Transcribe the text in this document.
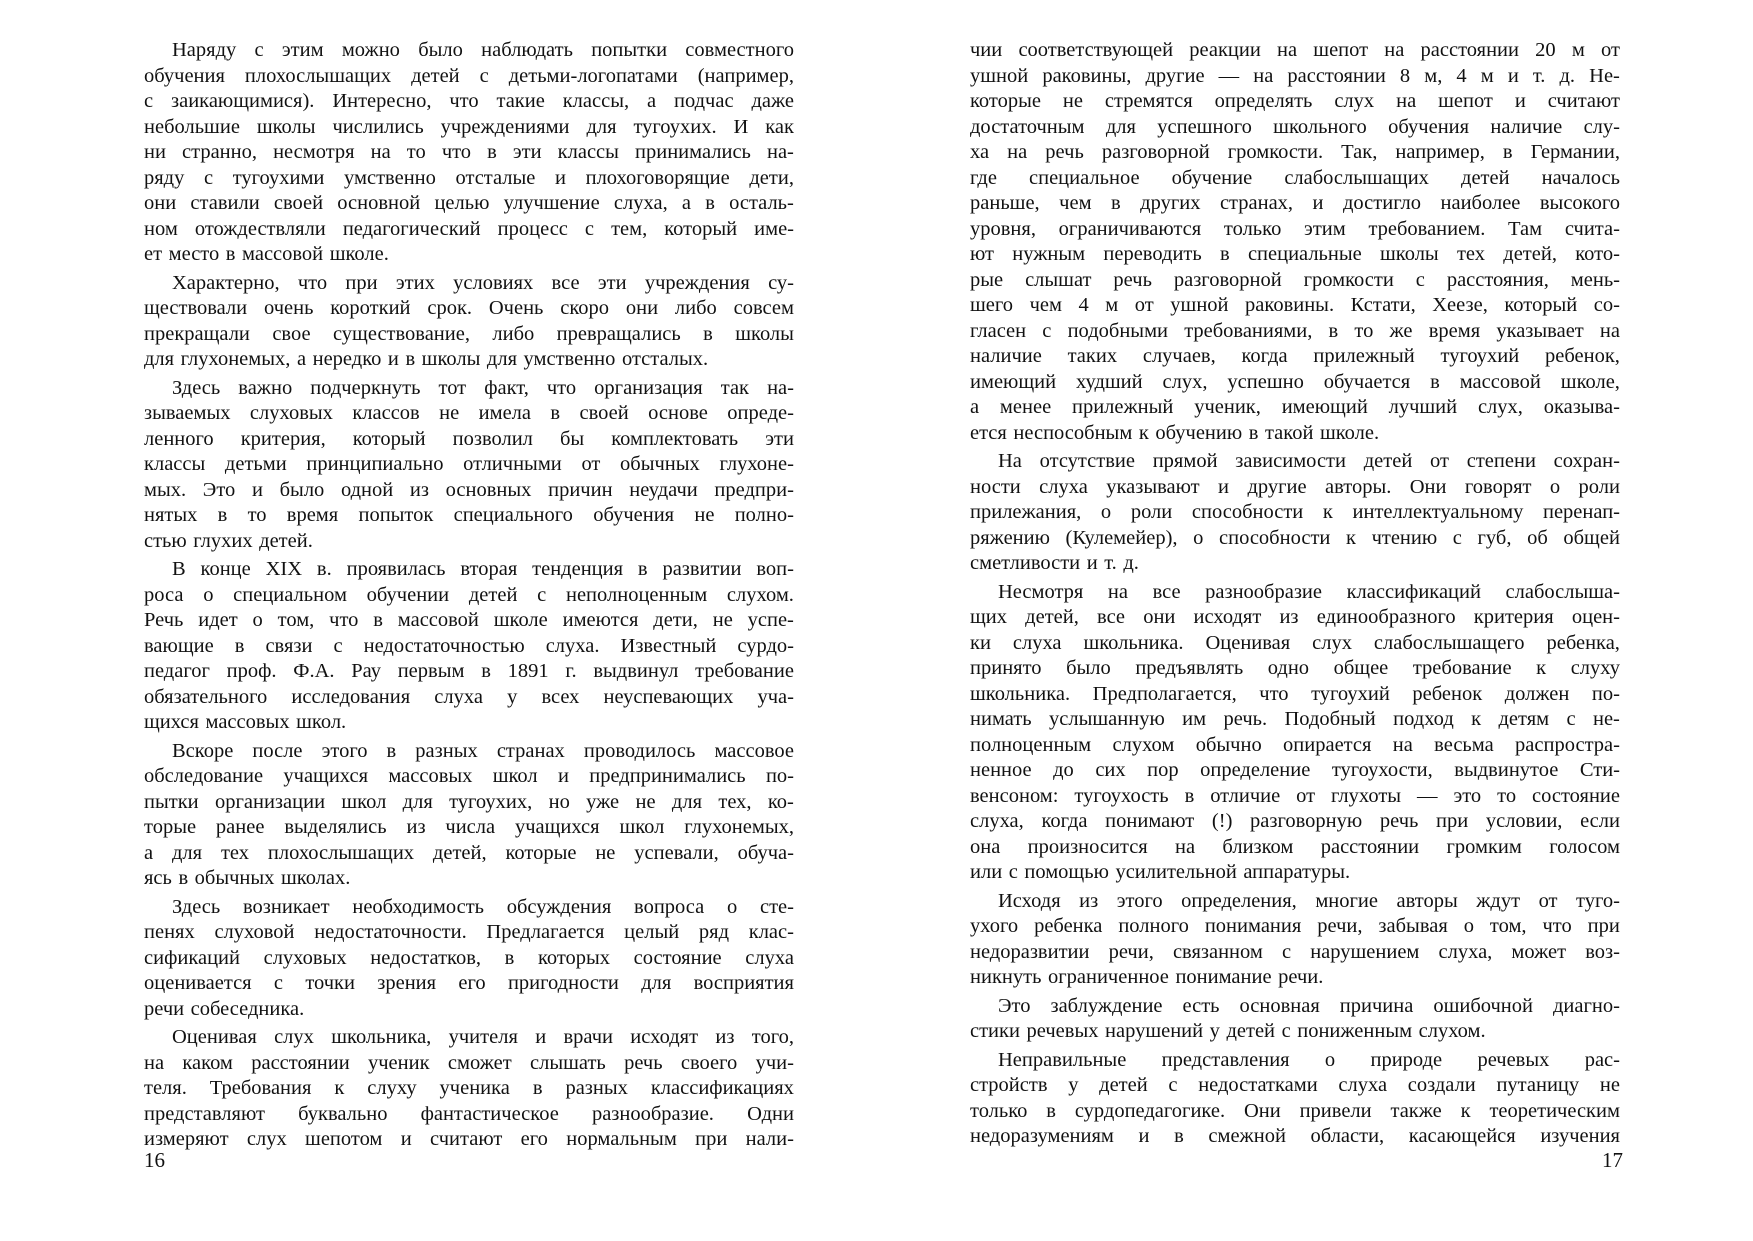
Наряду с этим можно было наблюдать попытки совместного
обучения плохослышащих детей с детьми-логопатами (например,
с заикающимися). Интересно, что такие классы, а подчас даже
небольшие школы числились учреждениями для тугоухих. И как
ни странно, несмотря на то что в эти классы принимались на-
ряду с тугоухими умственно отсталые и плохоговорящие дети,
они ставили своей основной целью улучшение слуха, а в осталь-
ном отождествляли педагогический процесс с тем, который име-
ет место в массовой школе.
Характерно, что при этих условиях все эти учреждения су-
ществовали очень короткий срок. Очень скоро они либо совсем
прекращали свое существование, либо превращались в школы
для глухонемых, а нередко и в школы для умственно отсталых.
Здесь важно подчеркнуть тот факт, что организация так на-
зываемых слуховых классов не имела в своей основе опреде-
ленного критерия, который позволил бы комплектовать эти
классы детьми принципиально отличными от обычных глухоне-
мых. Это и было одной из основных причин неудачи предпри-
нятых в то время попыток специального обучения не полно-
стью глухих детей.
В конце XIX в. проявилась вторая тенденция в развитии воп-
роса о специальном обучении детей с неполноценным слухом.
Речь идет о том, что в массовой школе имеются дети, не успе-
вающие в связи с недостаточностью слуха. Известный сурдо-
педагог проф. Ф.А. Рау первым в 1891 г. выдвинул требование
обязательного исследования слуха у всех неуспевающих уча-
щихся массовых школ.
Вскоре после этого в разных странах проводилось массовое
обследование учащихся массовых школ и предпринимались по-
пытки организации школ для тугоухих, но уже не для тех, ко-
торые ранее выделялись из числа учащихся школ глухонемых,
а для тех плохослышащих детей, которые не успевали, обуча-
ясь в обычных школах.
Здесь возникает необходимость обсуждения вопроса о сте-
пенях слуховой недостаточности. Предлагается целый ряд клас-
сификаций слуховых недостатков, в которых состояние слуха
оценивается с точки зрения его пригодности для восприятия
речи собеседника.
Оценивая слух школьника, учителя и врачи исходят из того,
на каком расстоянии ученик сможет слышать речь своего учи-
теля. Требования к слуху ученика в разных классификациях
представляют буквально фантастическое разнообразие. Одни
измеряют слух шепотом и считают его нормальным при нали-
16
чии соответствующей реакции на шепот на расстоянии 20 м от
ушной раковины, другие — на расстоянии 8 м, 4 м и т. д. Не-
которые не стремятся определять слух на шепот и считают
достаточным для успешного школьного обучения наличие слу-
ха на речь разговорной громкости. Так, например, в Германии,
где специальное обучение слабослышащих детей началось
раньше, чем в других странах, и достигло наиболее высокого
уровня, ограничиваются только этим требованием. Там счита-
ют нужным переводить в специальные школы тех детей, кото-
рые слышат речь разговорной громкости с расстояния, мень-
шего чем 4 м от ушной раковины. Кстати, Хеезе, который со-
гласен с подобными требованиями, в то же время указывает на
наличие таких случаев, когда прилежный тугоухий ребенок,
имеющий худший слух, успешно обучается в массовой школе,
а менее прилежный ученик, имеющий лучший слух, оказыва-
ется неспособным к обучению в такой школе.
На отсутствие прямой зависимости детей от степени сохран-
ности слуха указывают и другие авторы. Они говорят о роли
прилежания, о роли способности к интеллектуальному перенап-
ряжению (Кулемейер), о способности к чтению с губ, об общей
сметливости и т. д.
Несмотря на все разнообразие классификаций слабослыша-
щих детей, все они исходят из единообразного критерия оцен-
ки слуха школьника. Оценивая слух слабослышащего ребенка,
принято было предъявлять одно общее требование к слуху
школьника. Предполагается, что тугоухий ребенок должен по-
нимать услышанную им речь. Подобный подход к детям с не-
полноценным слухом обычно опирается на весьма распростра-
ненное до сих пор определение тугоухости, выдвинутое Сти-
венсоном: тугоухость в отличие от глухоты — это то состояние
слуха, когда понимают (!) разговорную речь при условии, если
она произносится на близком расстоянии громким голосом
или с помощью усилительной аппаратуры.
Исходя из этого определения, многие авторы ждут от туго-
ухого ребенка полного понимания речи, забывая о том, что при
недоразвитии речи, связанном с нарушением слуха, может воз-
никнуть ограниченное понимание речи.
Это заблуждение есть основная причина ошибочной диагно-
стики речевых нарушений у детей с пониженным слухом.
Неправильные представления о природе речевых рас-
стройств у детей с недостатками слуха создали путаницу не
только в сурдопедагогике. Они привели также к теоретическим
недоразумениям и в смежной области, касающейся изучения
17
